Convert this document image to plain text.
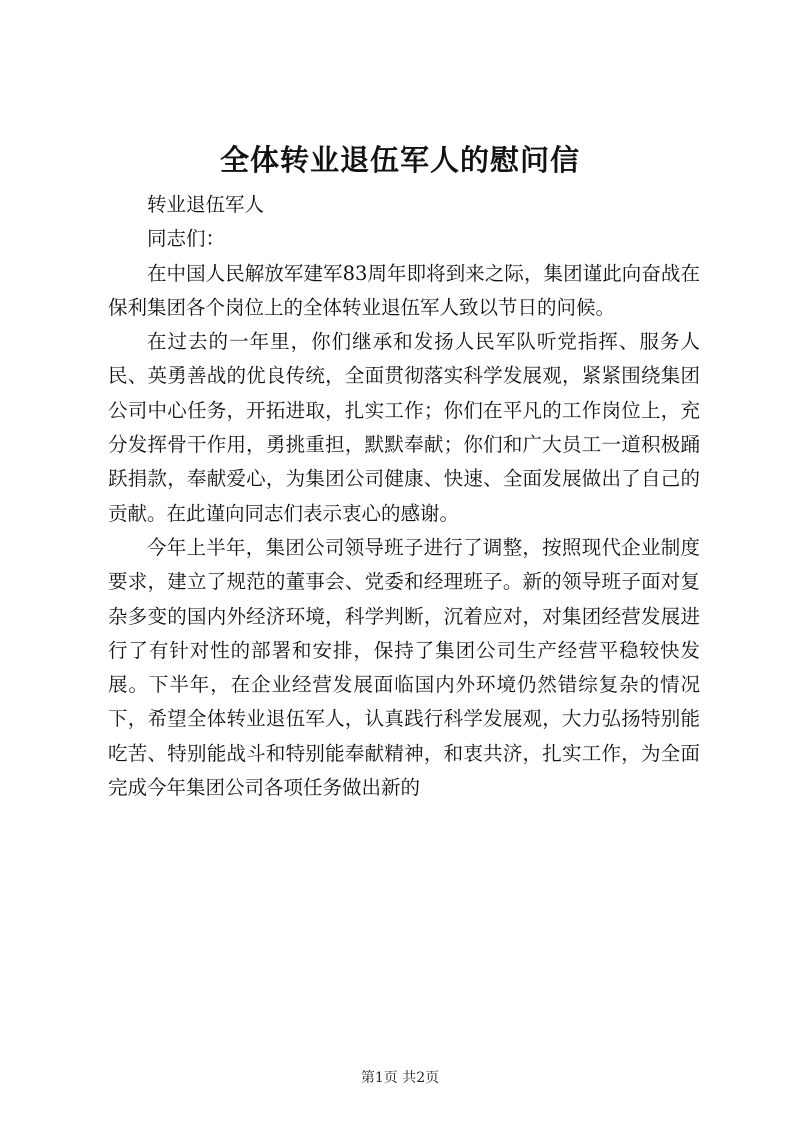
全体转业退伍军人的慰问信

转业退伍军人

同志们：

在中国人民解放军建军83周年即将到来之际，集团谨此向奋战在保利集团各个岗位上的全体转业退伍军人致以节日的问候。

在过去的一年里，你们继承和发扬人民军队听党指挥、服务人民、英勇善战的优良传统，全面贯彻落实科学发展观，紧紧围绕集团公司中心任务，开拓进取，扎实工作；你们在平凡的工作岗位上，充分发挥骨干作用，勇挑重担，默默奉献；你们和广大员工一道积极踊跃捐款，奉献爱心，为集团公司健康、快速、全面发展做出了自己的贡献。在此谨向同志们表示衷心的感谢。

今年上半年，集团公司领导班子进行了调整，按照现代企业制度要求，建立了规范的董事会、党委和经理班子。新的领导班子面对复杂多变的国内外经济环境，科学判断，沉着应对，对集团经营发展进行了有针对性的部署和安排，保持了集团公司生产经营平稳较快发展。下半年，在企业经营发展面临国内外环境仍然错综复杂的情况下，希望全体转业退伍军人，认真践行科学发展观，大力弘扬特别能吃苦、特别能战斗和特别能奉献精神，和衷共济，扎实工作，为全面完成今年集团公司各项任务做出新的

第1页 共2页
